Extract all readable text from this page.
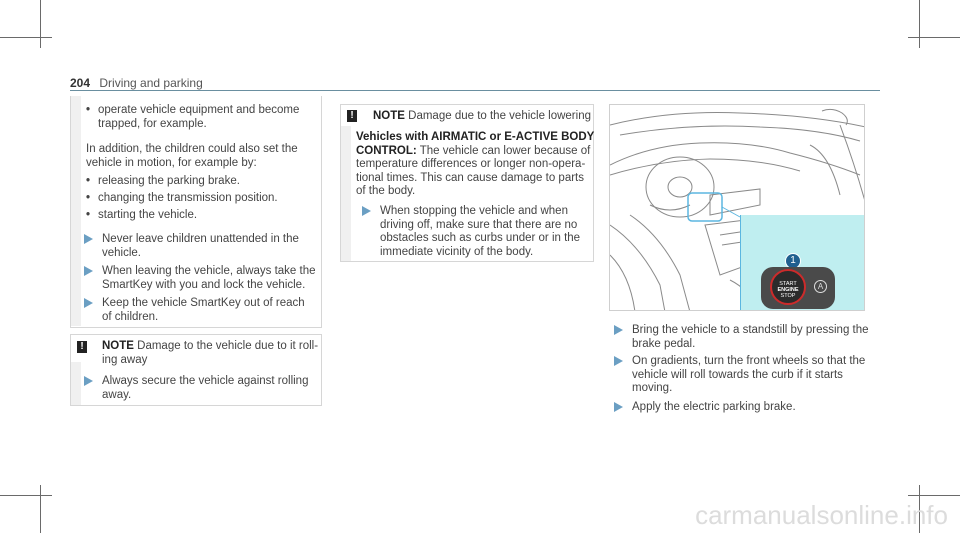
204 Driving and parking
• operate vehicle equipment and become
trapped, for example.
In addition, the children could also set the
vehicle in motion, for example by:
• releasing the parking brake.
• changing the transmission position.
• starting the vehicle.
Never leave children unattended in the
vehicle.
When leaving the vehicle, always take the
SmartKey with you and lock the vehicle.
Keep the vehicle SmartKey out of reach
of children.
! NOTE Damage to the vehicle due to it roll-
ing away
Always secure the vehicle against rolling
away.
! NOTE Damage due to the vehicle lowering
Vehicles with AIRMATIC or E-ACTIVE BODY
CONTROL: The vehicle can lower because of
temperature differences or longer non-opera-
tional times. This can cause damage to parts
of the body.
When stopping the vehicle and when
driving off, make sure that there are no
obstacles such as curbs under or in the
immediate vicinity of the body.
1
START
ENGINE
STOP
A
Bring the vehicle to a standstill by pressing the
brake pedal.
On gradients, turn the front wheels so that the
vehicle will roll towards the curb if it starts
moving.
Apply the electric parking brake.
carmanualsonline.info
